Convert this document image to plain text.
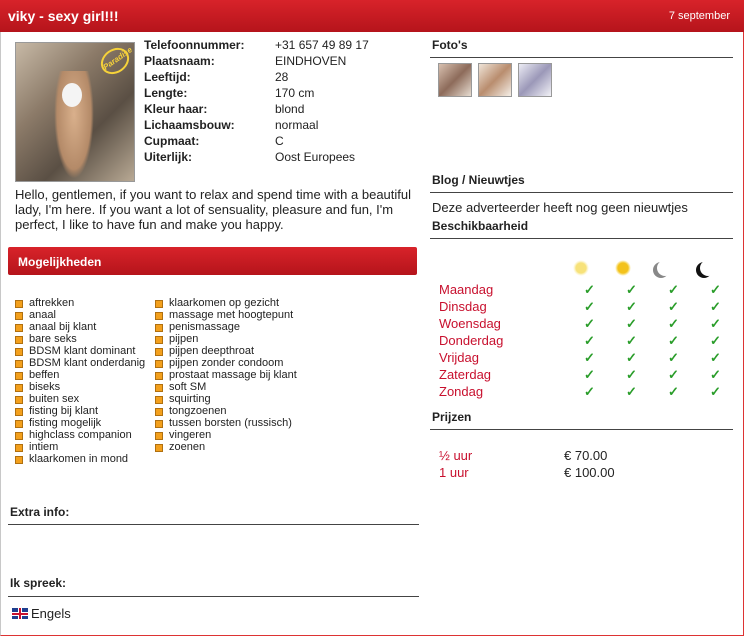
viky - sexy girl!!!	7 september
Paradise
Telefoonnummer:	+31 657 49 89 17
Plaatsnaam:	EINDHOVEN
Leeftijd:	28
Lengte:	170 cm
Kleur haar:	blond
Lichaamsbouw:	normaal
Cupmaat:	C
Uiterlijk:	Oost Europees
Hello, gentlemen, if you want to relax and spend time with a beautiful lady, I'm here. If you want a lot of sensuality, pleasure and fun, I'm perfect, I like to have fun and make you happy.
Mogelijkheden
aftrekken
anaal
anaal bij klant
bare seks
BDSM klant dominant
BDSM klant onderdanig
beffen
biseks
buiten sex
fisting bij klant
fisting mogelijk
highclass companion
intiem
klaarkomen in mond
klaarkomen op gezicht
massage met hoogtepunt
penismassage
pijpen
pijpen deepthroat
pijpen zonder condoom
prostaat massage bij klant
soft SM
squirting
tongzoenen
tussen borsten (russisch)
vingeren
zoenen
Extra info:
Ik spreek:
Engels
Foto's
Blog / Nieuwtjes
Deze adverteerder heeft nog geen nieuwtjes
Beschikbaarheid
Maandag	✓ ✓ ✓ ✓
Dinsdag	✓ ✓ ✓ ✓
Woensdag	✓ ✓ ✓ ✓
Donderdag	✓ ✓ ✓ ✓
Vrijdag	✓ ✓ ✓ ✓
Zaterdag	✓ ✓ ✓ ✓
Zondag	✓ ✓ ✓ ✓
Prijzen
½ uur	€ 70.00
1 uur	€ 100.00
